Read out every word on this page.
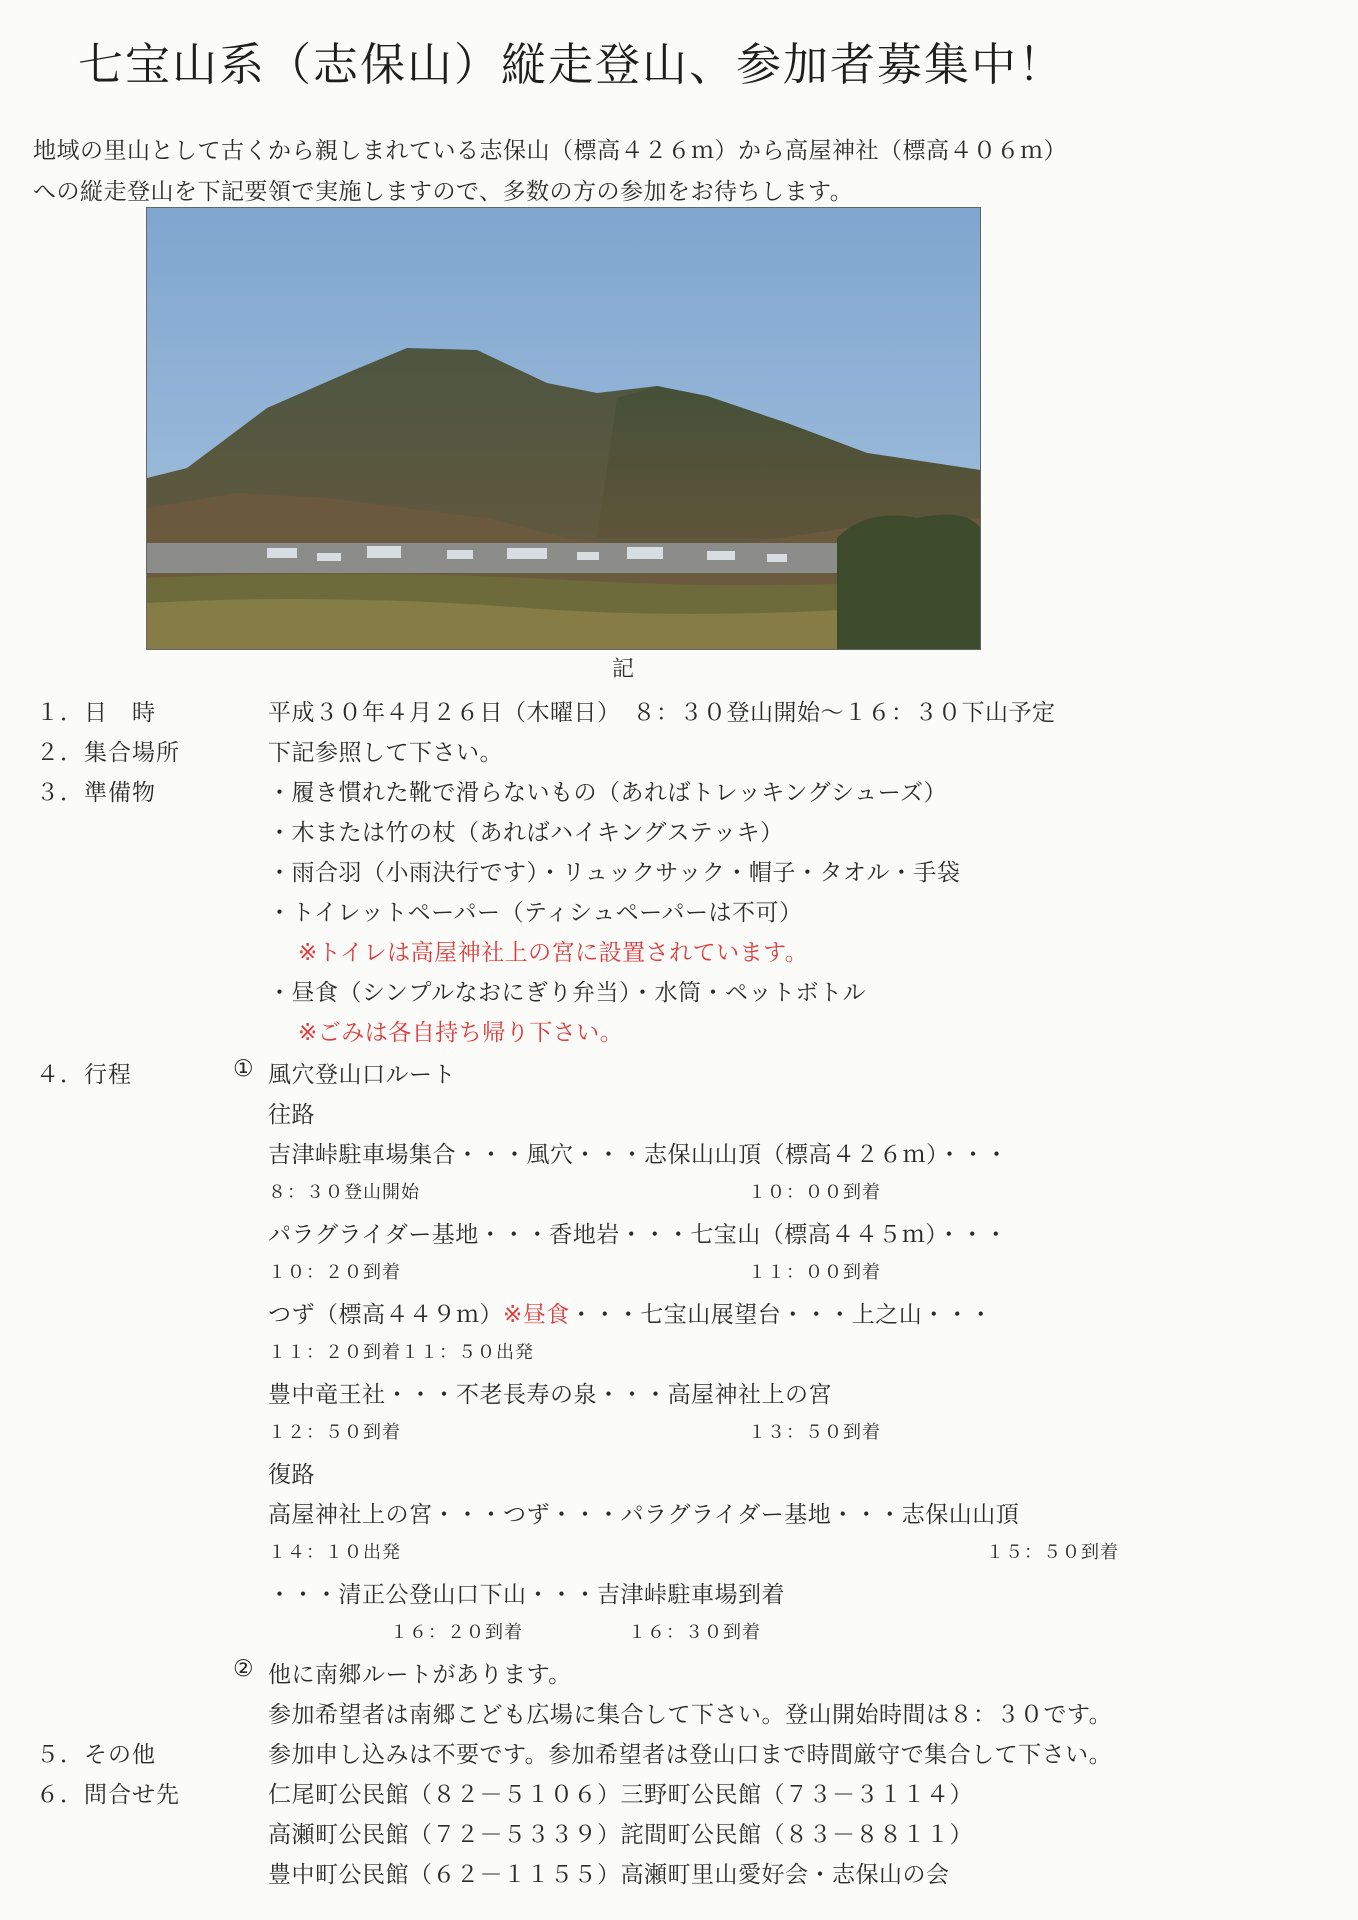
七宝山系（志保山）縦走登山、参加者募集中！
地域の里山として古くから親しまれている志保山（標高４２６ｍ）から高屋神社（標高４０６ｍ）
への縦走登山を下記要領で実施しますので、多数の方の参加をお待ちします。
記
１．日　時	平成３０年４月２６日（木曜日）　８：３０登山開始～１６：３０下山予定
２．集合場所	下記参照して下さい。
３．準備物	・履き慣れた靴で滑らないもの（あればトレッキングシューズ）
・木または竹の杖（あればハイキングステッキ）
・雨合羽（小雨決行です）・リュックサック・帽子・タオル・手袋
・トイレットペーパー（ティシュペーパーは不可）
※トイレは高屋神社上の宮に設置されています。
・昼食（シンプルなおにぎり弁当）・水筒・ペットボトル
※ごみは各自持ち帰り下さい。
４．行程	① 風穴登山口ルート
往路
吉津峠駐車場集合・・・風穴・・・志保山山頂（標高４２６ｍ）・・・
８：３０登山開始	１０：００到着
パラグライダー基地・・・香地岩・・・七宝山（標高４４５ｍ）・・・
１０：２０到着	１１：００到着
つず（標高４４９ｍ）※昼食・・・七宝山展望台・・・上之山・・・
１１：２０到着１１：５０出発
豊中竜王社・・・不老長寿の泉・・・高屋神社上の宮
１２：５０到着	１３：５０到着
復路
高屋神社上の宮・・・つず・・・パラグライダー基地・・・志保山山頂
１４：１０出発	１５：５０到着
・・・清正公登山口下山・・・吉津峠駐車場到着
１６：２０到着	１６：３０到着
② 他に南郷ルートがあります。
参加希望者は南郷こども広場に集合して下さい。登山開始時間は８：３０です。
５．その他	参加申し込みは不要です。参加希望者は登山口まで時間厳守で集合して下さい。
６．問合せ先	仁尾町公民館（８２－５１０６）三野町公民館（７３－３１１４）
高瀬町公民館（７２－５３３９）詫間町公民館（８３－８８１１）
豊中町公民館（６２－１１５５）高瀬町里山愛好会・志保山の会
